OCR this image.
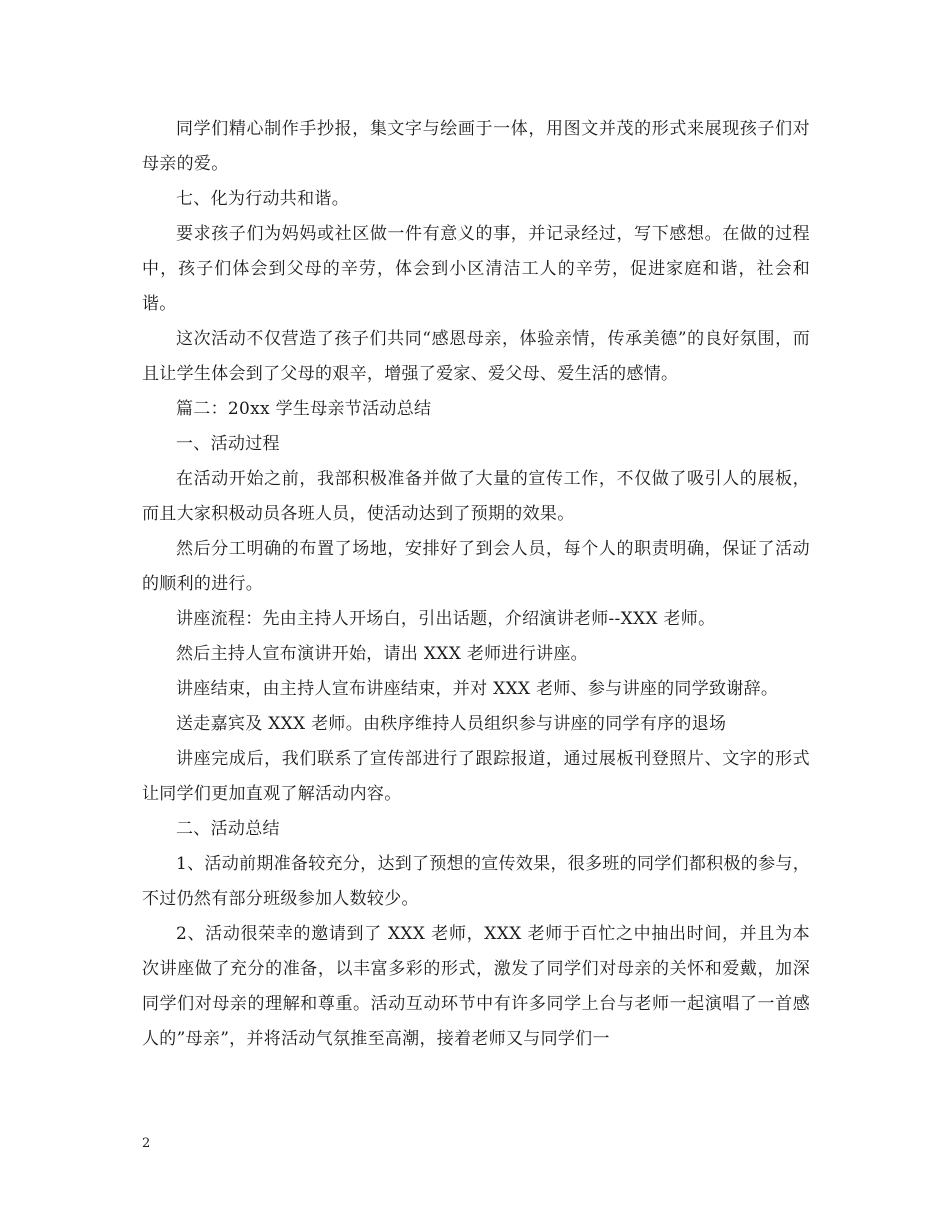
同学们精心制作手抄报，集文字与绘画于一体，用图文并茂的形式来展现孩子们对母亲的爱。

七、化为行动共和谐。

要求孩子们为妈妈或社区做一件有意义的事，并记录经过，写下感想。在做的过程中，孩子们体会到父母的辛劳，体会到小区清洁工人的辛劳，促进家庭和谐，社会和谐。

这次活动不仅营造了孩子们共同“感恩母亲，体验亲情，传承美德”的良好氛围，而且让学生体会到了父母的艰辛，增强了爱家、爱父母、爱生活的感情。

篇二：20xx 学生母亲节活动总结

一、活动过程

在活动开始之前，我部积极准备并做了大量的宣传工作，不仅做了吸引人的展板，而且大家积极动员各班人员，使活动达到了预期的效果。

然后分工明确的布置了场地，安排好了到会人员，每个人的职责明确，保证了活动的顺利的进行。

讲座流程：先由主持人开场白，引出话题，介绍演讲老师--XXX 老师。

然后主持人宣布演讲开始，请出 XXX 老师进行讲座。

讲座结束，由主持人宣布讲座结束，并对 XXX 老师、参与讲座的同学致谢辞。

送走嘉宾及 XXX 老师。由秩序维持人员组织参与讲座的同学有序的退场

讲座完成后，我们联系了宣传部进行了跟踪报道，通过展板刊登照片、文字的形式让同学们更加直观了解活动内容。

二、活动总结

1、活动前期准备较充分，达到了预想的宣传效果，很多班的同学们都积极的参与，不过仍然有部分班级参加人数较少。

2、活动很荣幸的邀请到了 XXX 老师，XXX 老师于百忙之中抽出时间，并且为本次讲座做了充分的准备，以丰富多彩的形式，激发了同学们对母亲的关怀和爱戴，加深同学们对母亲的理解和尊重。活动互动环节中有许多同学上台与老师一起演唱了一首感人的”母亲”，并将活动气氛推至高潮，接着老师又与同学们一

2
